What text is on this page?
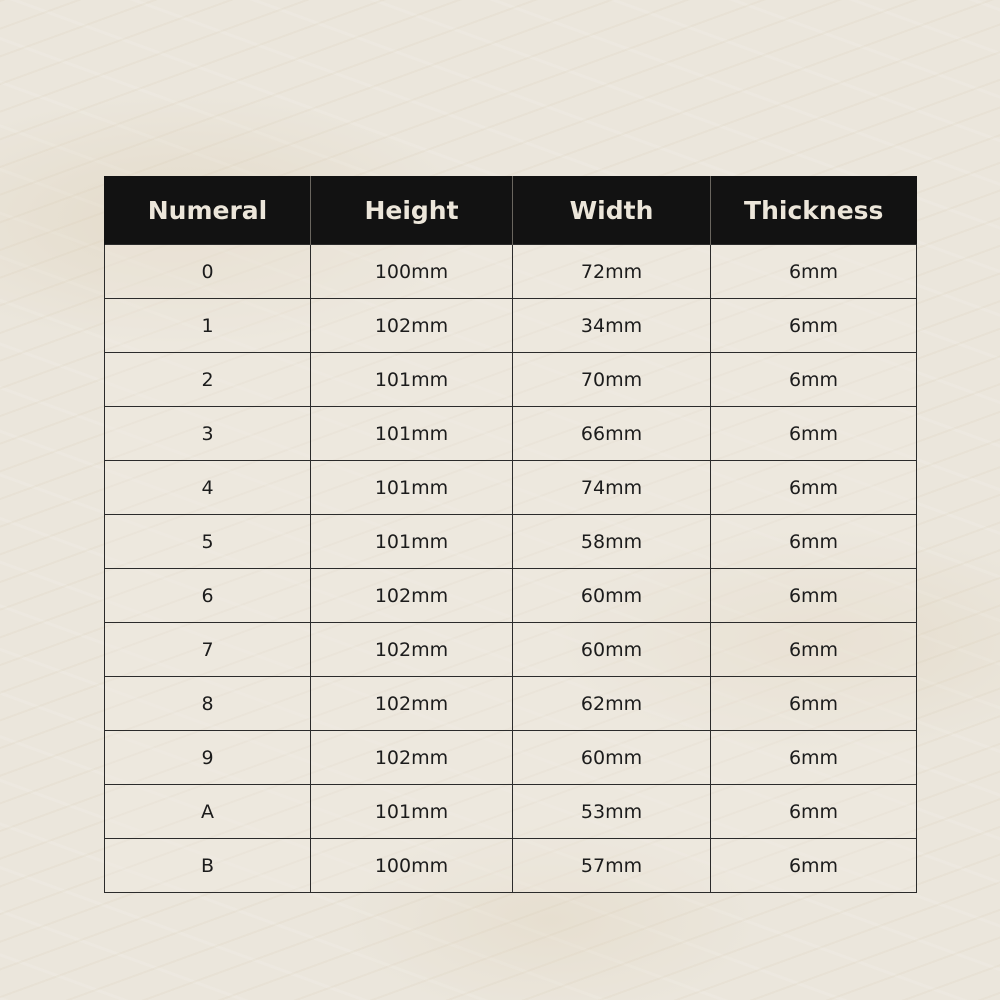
Numeral	Height	Width	Thickness
0	100mm	72mm	6mm
1	102mm	34mm	6mm
2	101mm	70mm	6mm
3	101mm	66mm	6mm
4	101mm	74mm	6mm
5	101mm	58mm	6mm
6	102mm	60mm	6mm
7	102mm	60mm	6mm
8	102mm	62mm	6mm
9	102mm	60mm	6mm
A	101mm	53mm	6mm
B	100mm	57mm	6mm
